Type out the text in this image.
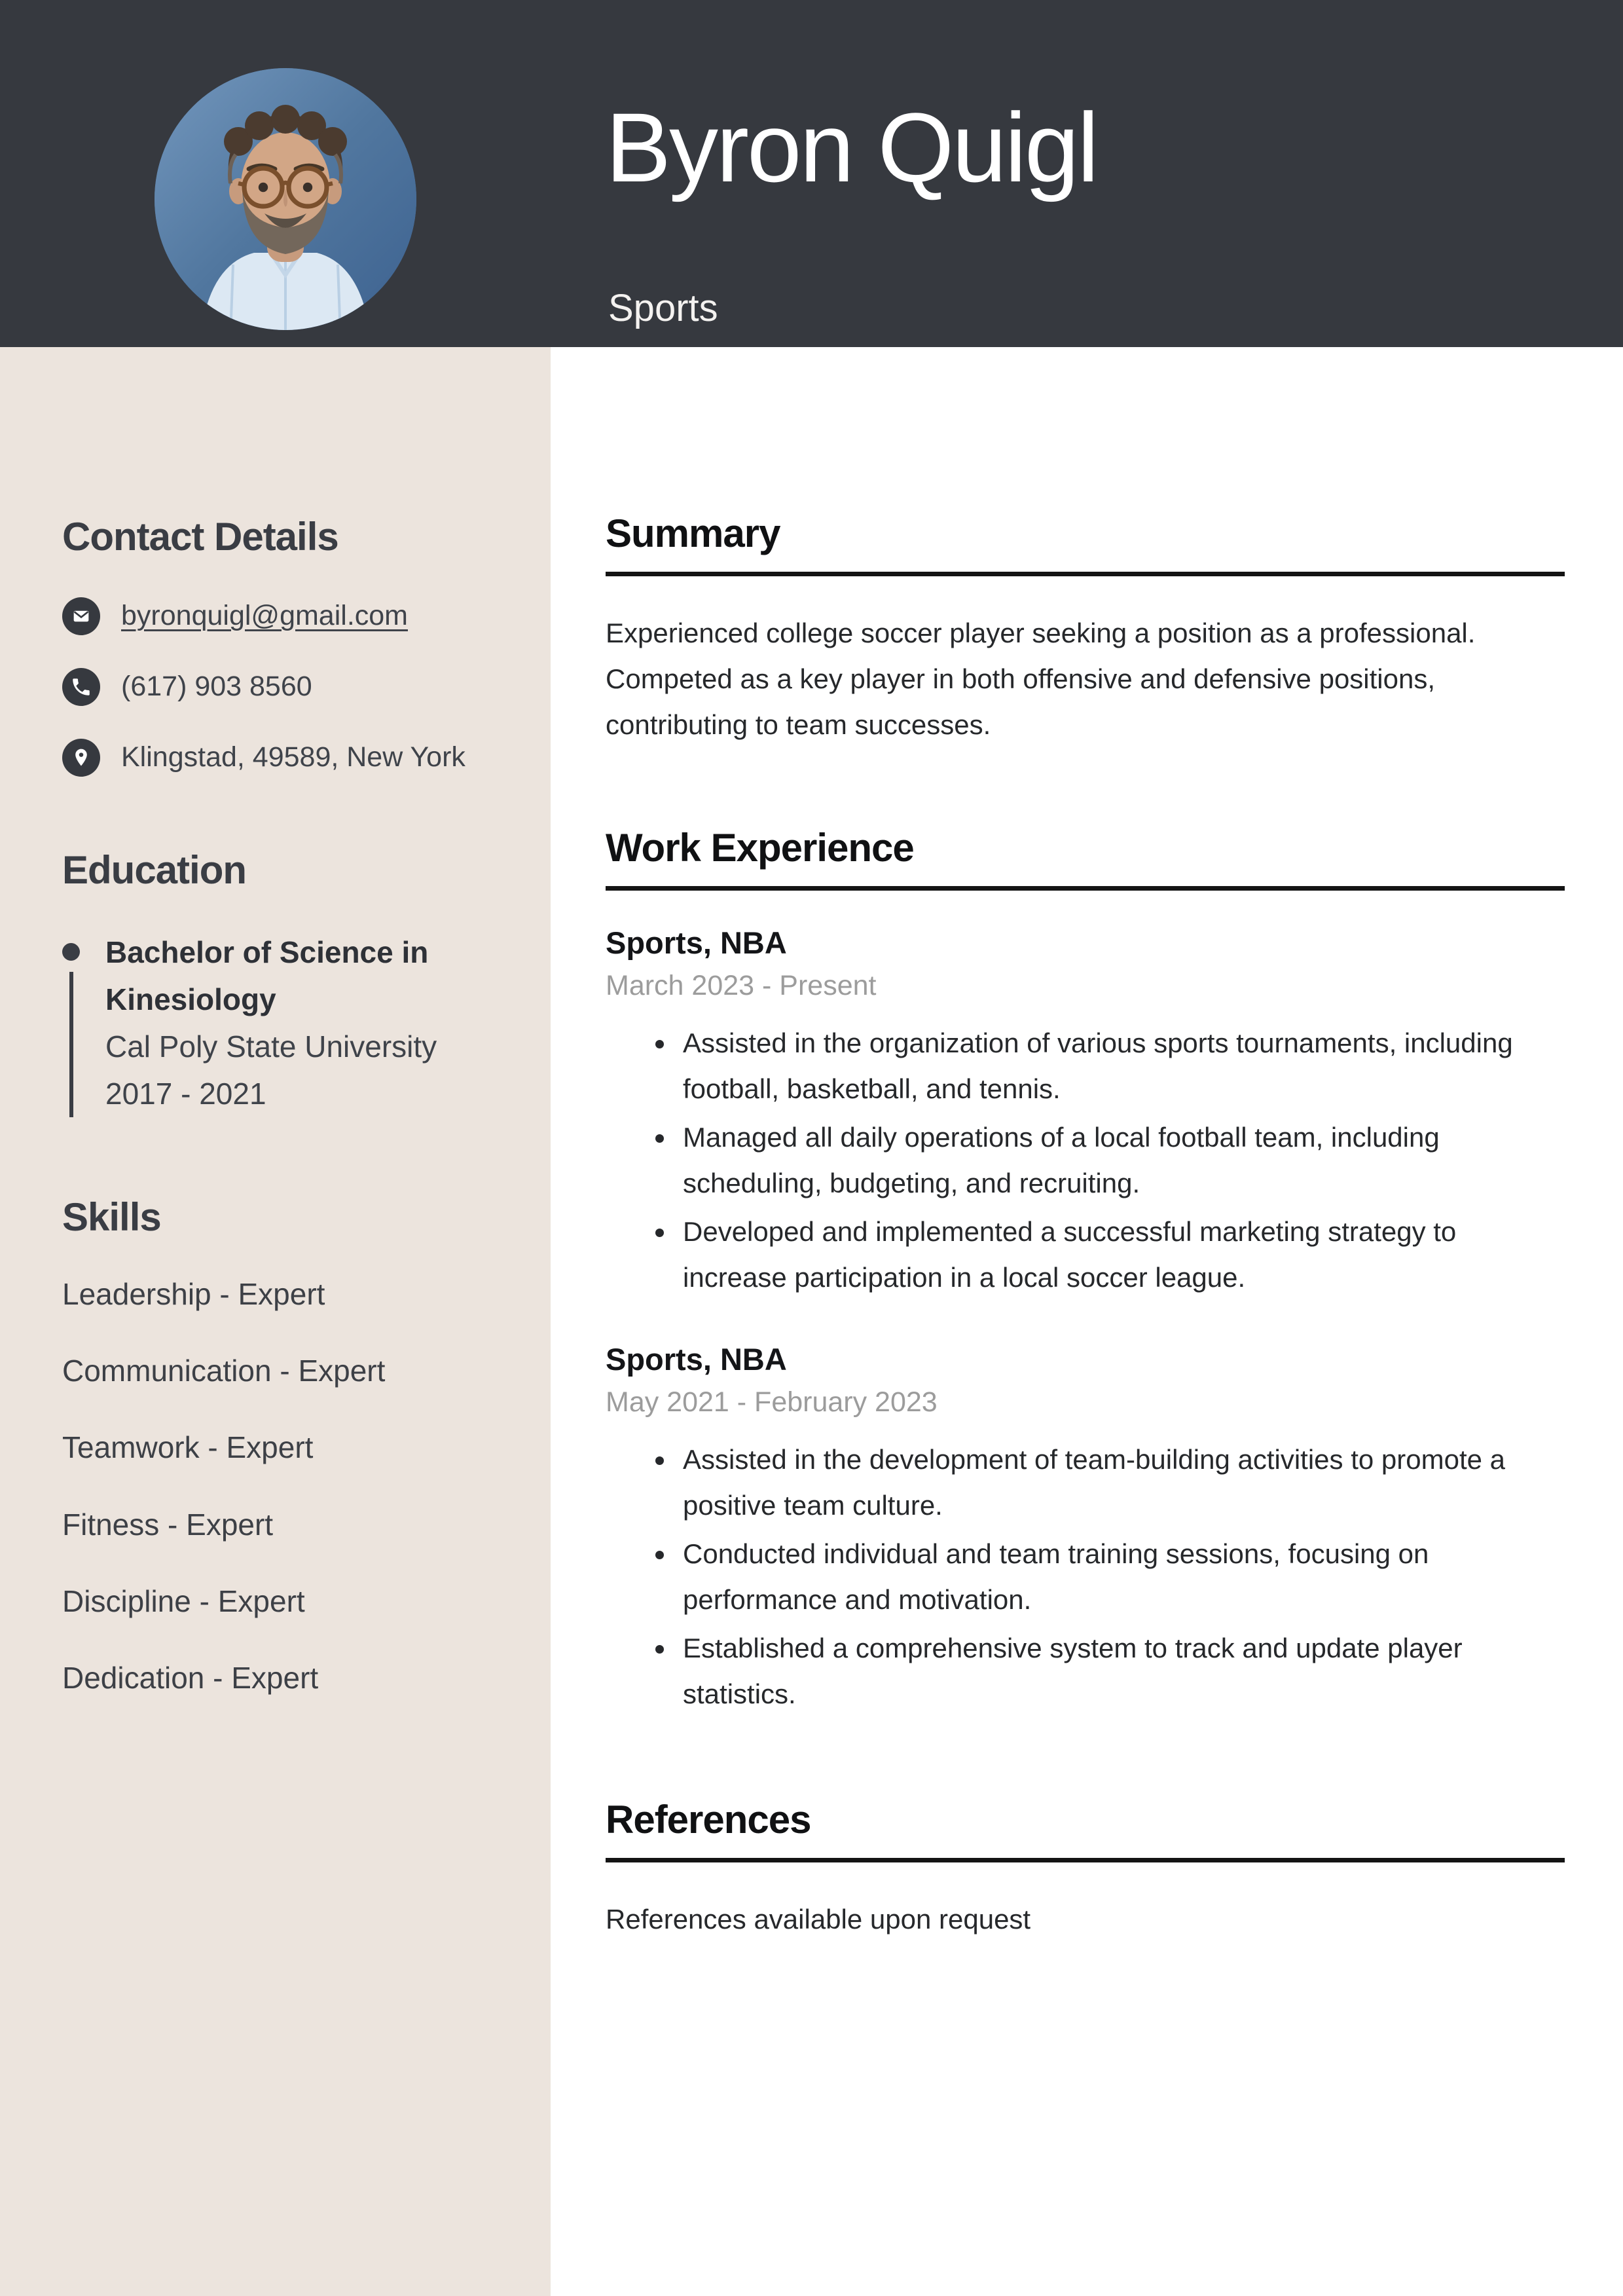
Byron Quigl
Sports
Contact Details
byronquigl@gmail.com
(617) 903 8560
Klingstad, 49589, New York
Education
Bachelor of Science in Kinesiology
Cal Poly State University
2017 - 2021
Skills
Leadership - Expert
Communication - Expert
Teamwork - Expert
Fitness - Expert
Discipline - Expert
Dedication - Expert
Summary

Experienced college soccer player seeking a position as a professional. Competed as a key player in both offensive and defensive positions, contributing to team successes.

Work Experience
Sports, NBA
March 2023 - Present
• Assisted in the organization of various sports tournaments, including football, basketball, and tennis.
• Managed all daily operations of a local football team, including scheduling, budgeting, and recruiting.
• Developed and implemented a successful marketing strategy to increase participation in a local soccer league.
Sports, NBA
May 2021 - February 2023
• Assisted in the development of team-building activities to promote a positive team culture.
• Conducted individual and team training sessions, focusing on performance and motivation.
• Established a comprehensive system to track and update player statistics.
References

References available upon request
